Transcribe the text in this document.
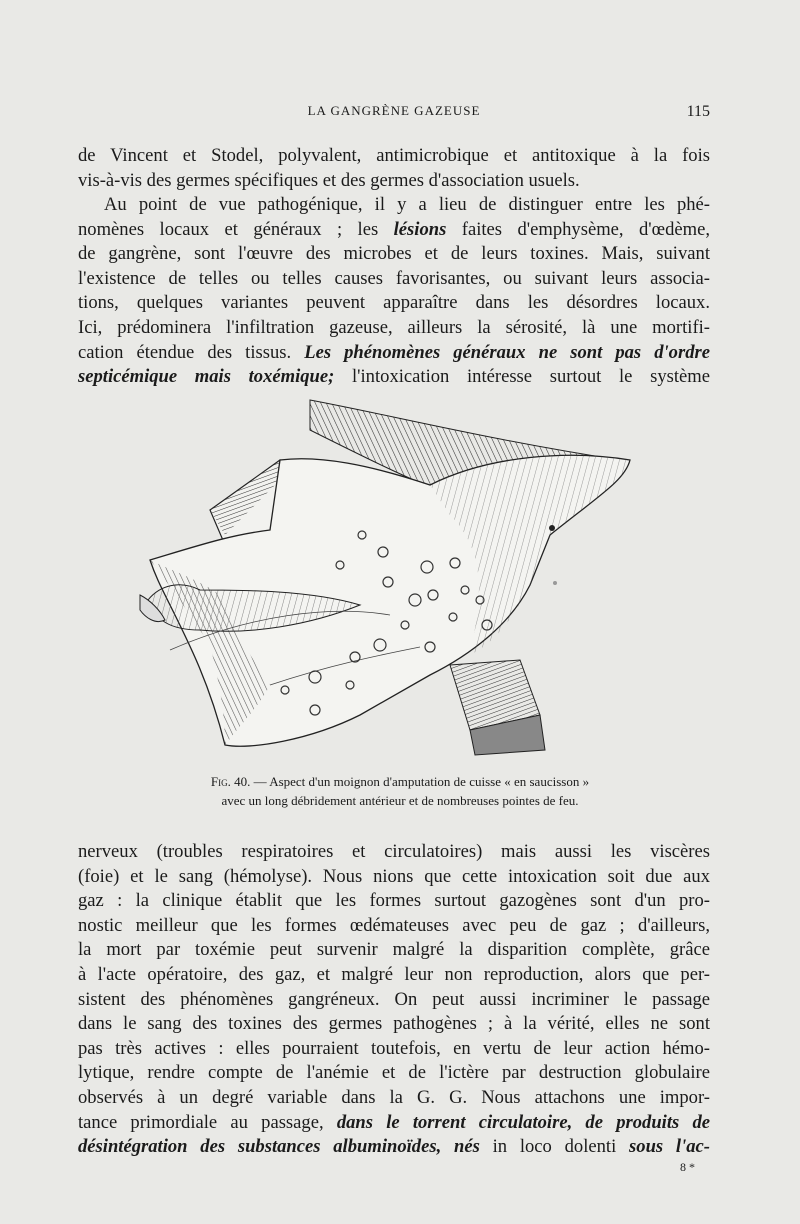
LA GANGRÈNE GAZEUSE	115
de Vincent et Stodel, polyvalent, antimicrobique et antitoxique à la fois
vis-à-vis des germes spécifiques et des germes d'association usuels.
Au point de vue pathogénique, il y a lieu de distinguer entre les phé-
nomènes locaux et généraux ; les lésions faites d'emphysème, d'œdème,
de gangrène, sont l'œuvre des microbes et de leurs toxines. Mais, suivant
l'existence de telles ou telles causes favorisantes, ou suivant leurs associa-
tions, quelques variantes peuvent apparaître dans les désordres locaux.
Ici, prédominera l'infiltration gazeuse, ailleurs la sérosité, là une mortifi-
cation étendue des tissus. Les phénomènes généraux ne sont pas d'ordre
septicémique mais toxémique; l'intoxication intéresse surtout le système
Fig. 40. — Aspect d'un moignon d'amputation de cuisse « en saucisson »
avec un long débridement antérieur et de nombreuses pointes de feu.
nerveux (troubles respiratoires et circulatoires) mais aussi les viscères
(foie) et le sang (hémolyse). Nous nions que cette intoxication soit due aux
gaz : la clinique établit que les formes surtout gazogènes sont d'un pro-
nostic meilleur que les formes œdémateuses avec peu de gaz ; d'ailleurs,
la mort par toxémie peut survenir malgré la disparition complète, grâce
à l'acte opératoire, des gaz, et malgré leur non reproduction, alors que per-
sistent des phénomènes gangréneux. On peut aussi incriminer le passage
dans le sang des toxines des germes pathogènes ; à la vérité, elles ne sont
pas très actives : elles pourraient toutefois, en vertu de leur action hémo-
lytique, rendre compte de l'anémie et de l'ictère par destruction globulaire
observés à un degré variable dans la G. G. Nous attachons une impor-
tance primordiale au passage, dans le torrent circulatoire, de produits de
désintégration des substances albuminoïdes, nés in loco dolenti sous l'ac-
8 *
